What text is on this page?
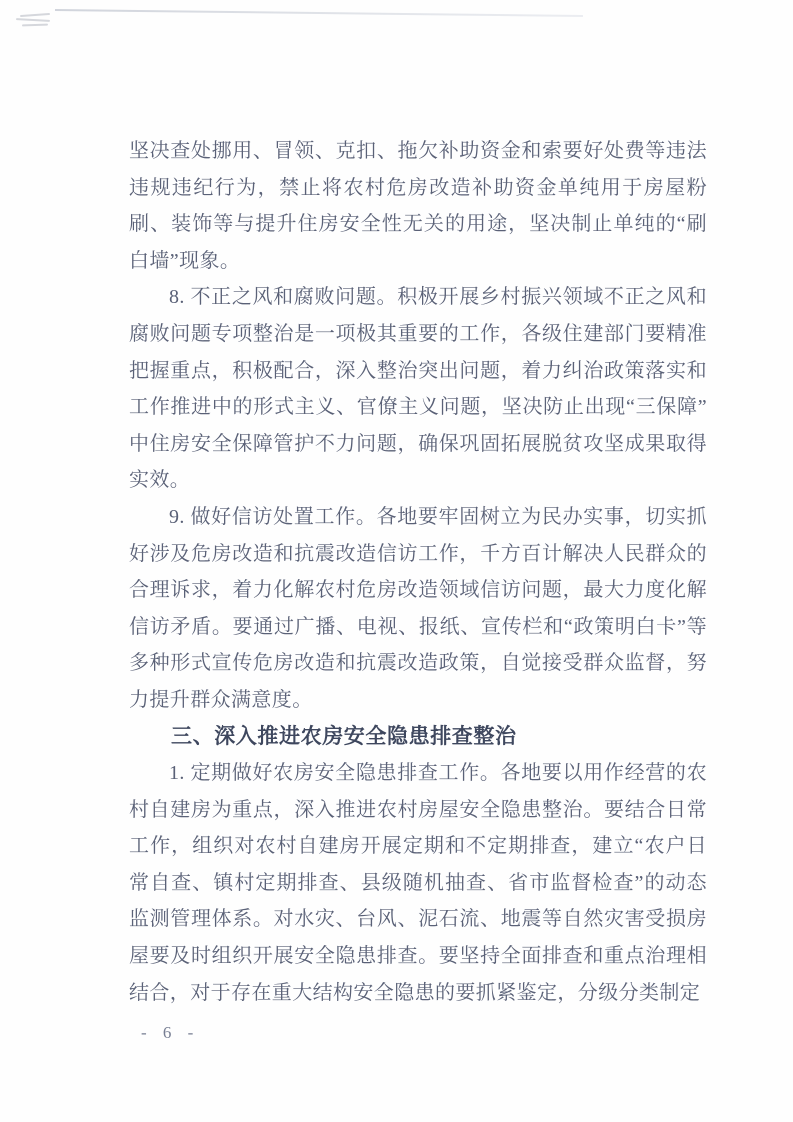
坚决查处挪用、冒领、克扣、拖欠补助资金和索要好处费等违法违规违纪行为，禁止将农村危房改造补助资金单纯用于房屋粉刷、装饰等与提升住房安全性无关的用途，坚决制止单纯的“刷白墙”现象。

8. 不正之风和腐败问题。积极开展乡村振兴领域不正之风和腐败问题专项整治是一项极其重要的工作，各级住建部门要精准把握重点，积极配合，深入整治突出问题，着力纠治政策落实和工作推进中的形式主义、官僚主义问题，坚决防止出现“三保障”中住房安全保障管护不力问题，确保巩固拓展脱贫攻坚成果取得实效。

9. 做好信访处置工作。各地要牢固树立为民办实事，切实抓好涉及危房改造和抗震改造信访工作，千方百计解决人民群众的合理诉求，着力化解农村危房改造领域信访问题，最大力度化解信访矛盾。要通过广播、电视、报纸、宣传栏和“政策明白卡”等多种形式宣传危房改造和抗震改造政策，自觉接受群众监督，努力提升群众满意度。

三、深入推进农房安全隐患排查整治

1. 定期做好农房安全隐患排查工作。各地要以用作经营的农村自建房为重点，深入推进农村房屋安全隐患整治。要结合日常工作，组织对农村自建房开展定期和不定期排查，建立“农户日常自查、镇村定期排查、县级随机抽查、省市监督检查”的动态监测管理体系。对水灾、台风、泥石流、地震等自然灾害受损房屋要及时组织开展安全隐患排查。要坚持全面排查和重点治理相结合，对于存在重大结构安全隐患的要抓紧鉴定，分级分类制定

- 6 -
